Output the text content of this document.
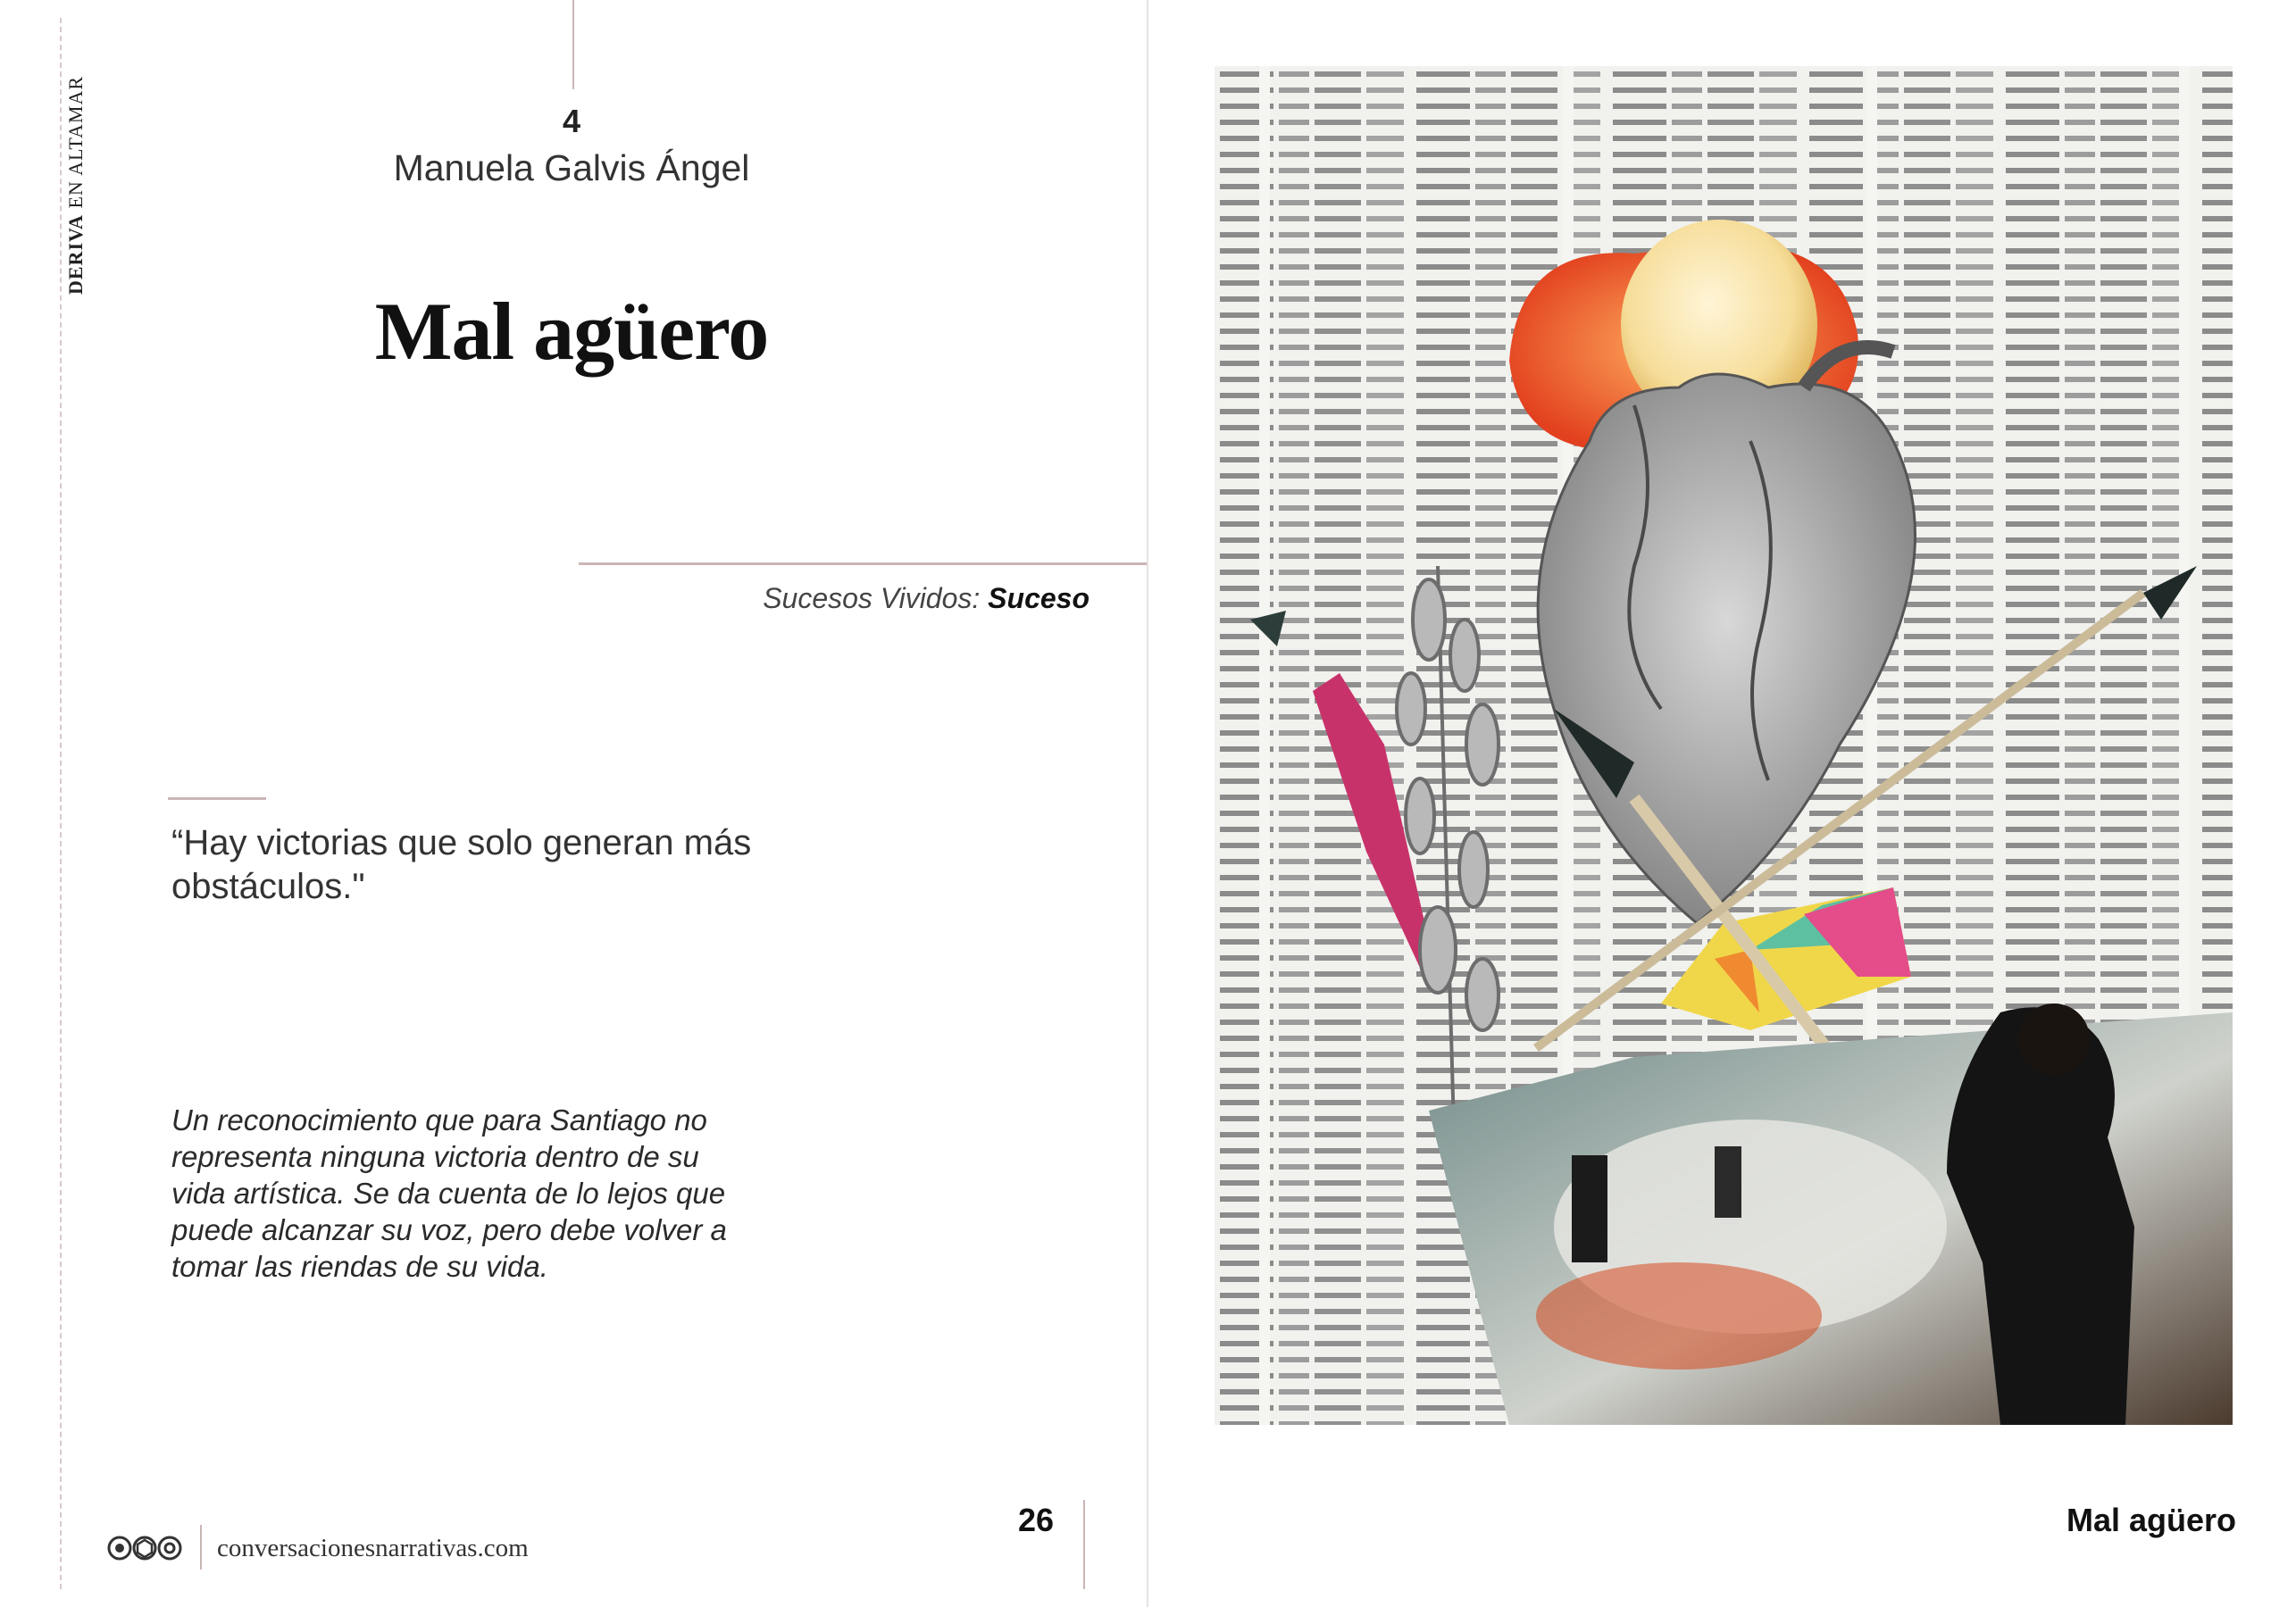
DERIVA EN ALTAMAR	4
Manuela Galvis Ángel
Mal agüero
Sucesos Vividos: Suceso
“Hay victorias que solo generan más obstáculos."
Un reconocimiento que para Santiago no representa ninguna victoria dentro de su vida artística. Se da cuenta de lo lejos que puede alcanzar su voz, pero debe volver a tomar las riendas de su vida.
conversacionesnarrativas.com
26	Mal agüero
